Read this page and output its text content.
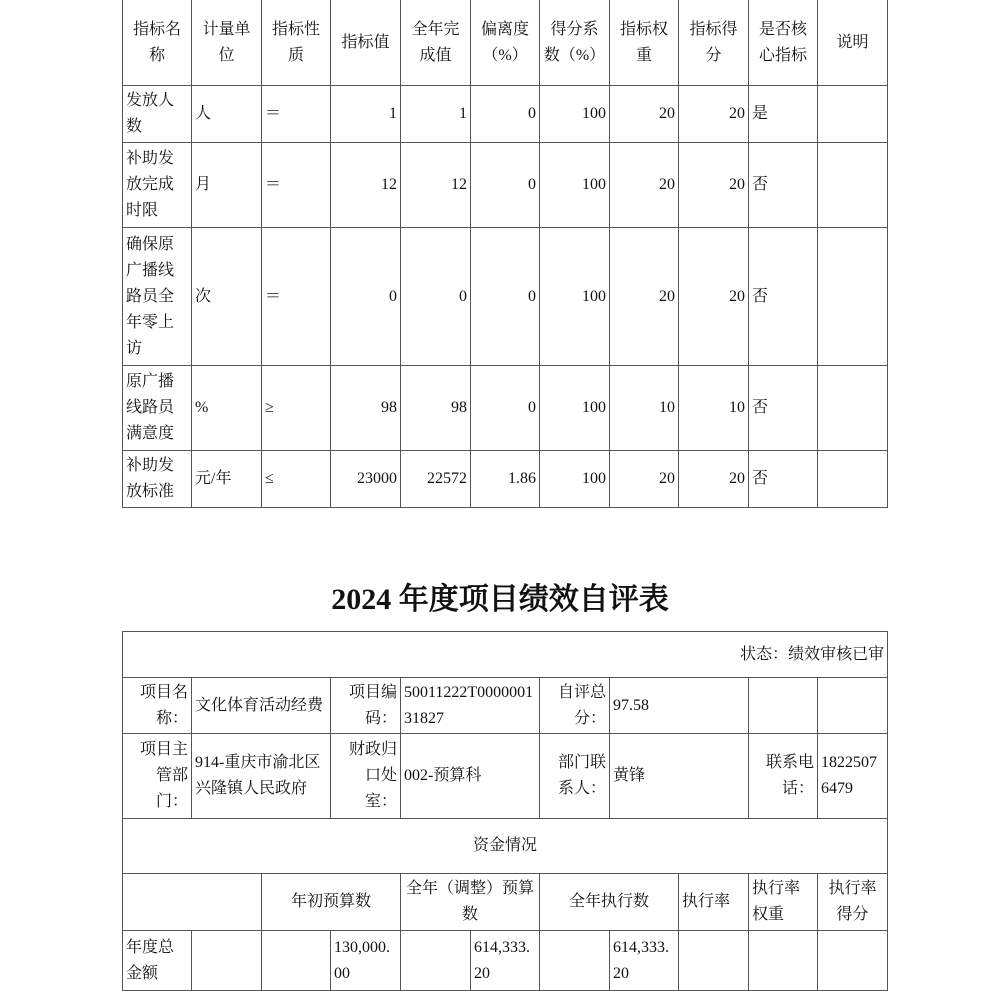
指标名称	计量单位	指标性质	指标值	全年完成值	偏离度（%）	得分系数（%）	指标权重	指标得分	是否核心指标	说明
发放人数	人	＝	1	1	0	100	20	20	是	
补助发放完成时限	月	＝	12	12	0	100	20	20	否	
确保原广播线路员全年零上访	次	＝	0	0	0	100	20	20	否	
原广播线路员满意度	%	≥	98	98	0	100	10	10	否	
补助发放标准	元/年	≤	23000	22572	1.86	100	20	20	否	
2024 年度项目绩效自评表
状态：绩效审核已审										
项目名称：	文化体育活动经费		项目编码：	50011222T000000131827		自评总分：	97.58			
项目主管部门：	914-重庆市渝北区兴隆镇人民政府		财政归口处室：	002-预算科		部门联系人：	黄锋		联系电话：	18225076479
资金情况										
		年初预算数		全年（调整）预算数		全年执行数		执行率	执行率权重	执行率得分
年度总金额			130,000.00		614,333.20		614,333.20			
